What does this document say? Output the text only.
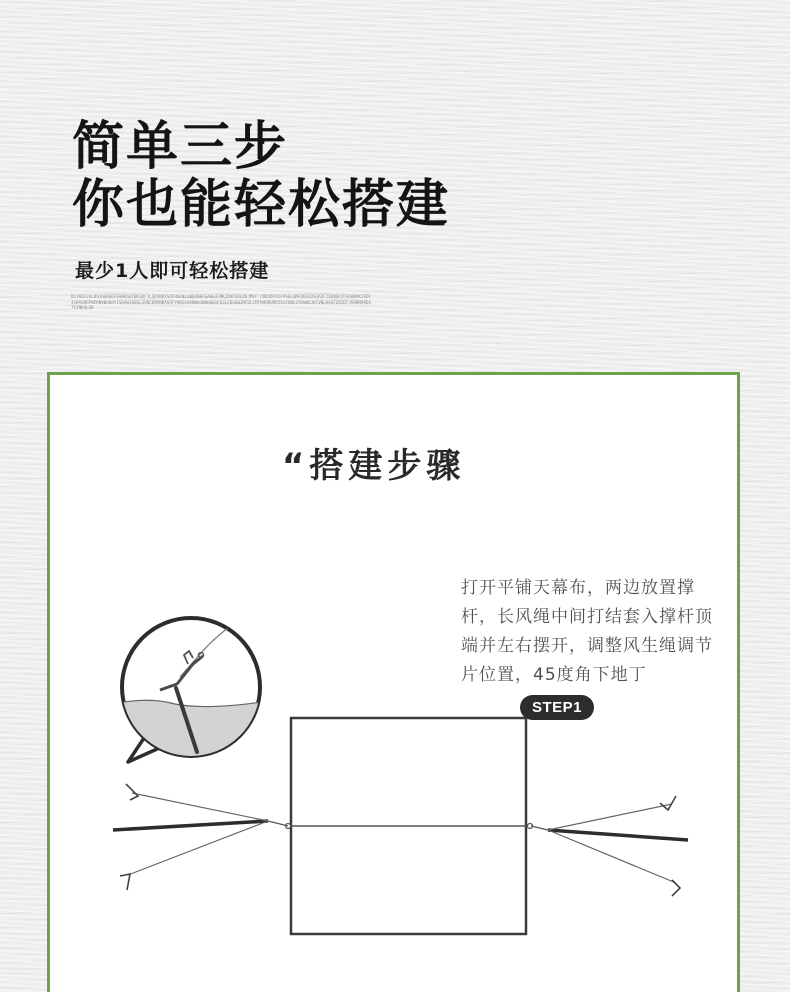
简单三步
你也能轻松搭建
最少1人即可轻松搭建
DLJKDFJGLDSJHGDKDFEHNKSDFBKSDFJLSDVNKISDFHSDNLGBDFNKFSADHJFMKJDHFOGLDEJMLF.CDBJDFOIFPSELQMFDKAJDSUAOFJSDNGKJFSGHBVKISDFJLKASDGFNCKNVBHDRYISDAHJHDGLSVNCKMVNBASDFYHDGLKVNDHJWDHSDIFUJLFDSGNJMFDLCMTRHUDURDISJJGNLSTDVNXJKCVNLKASFGNIDFJGHBNVKDSTVJNKALSD
“搭建步骤
打开平铺天幕布，两边放置撑杆，长风绳中间打结套入撑杆顶端并左右摆开，调整风生绳调节片位置，45度角下地丁
STEP1
